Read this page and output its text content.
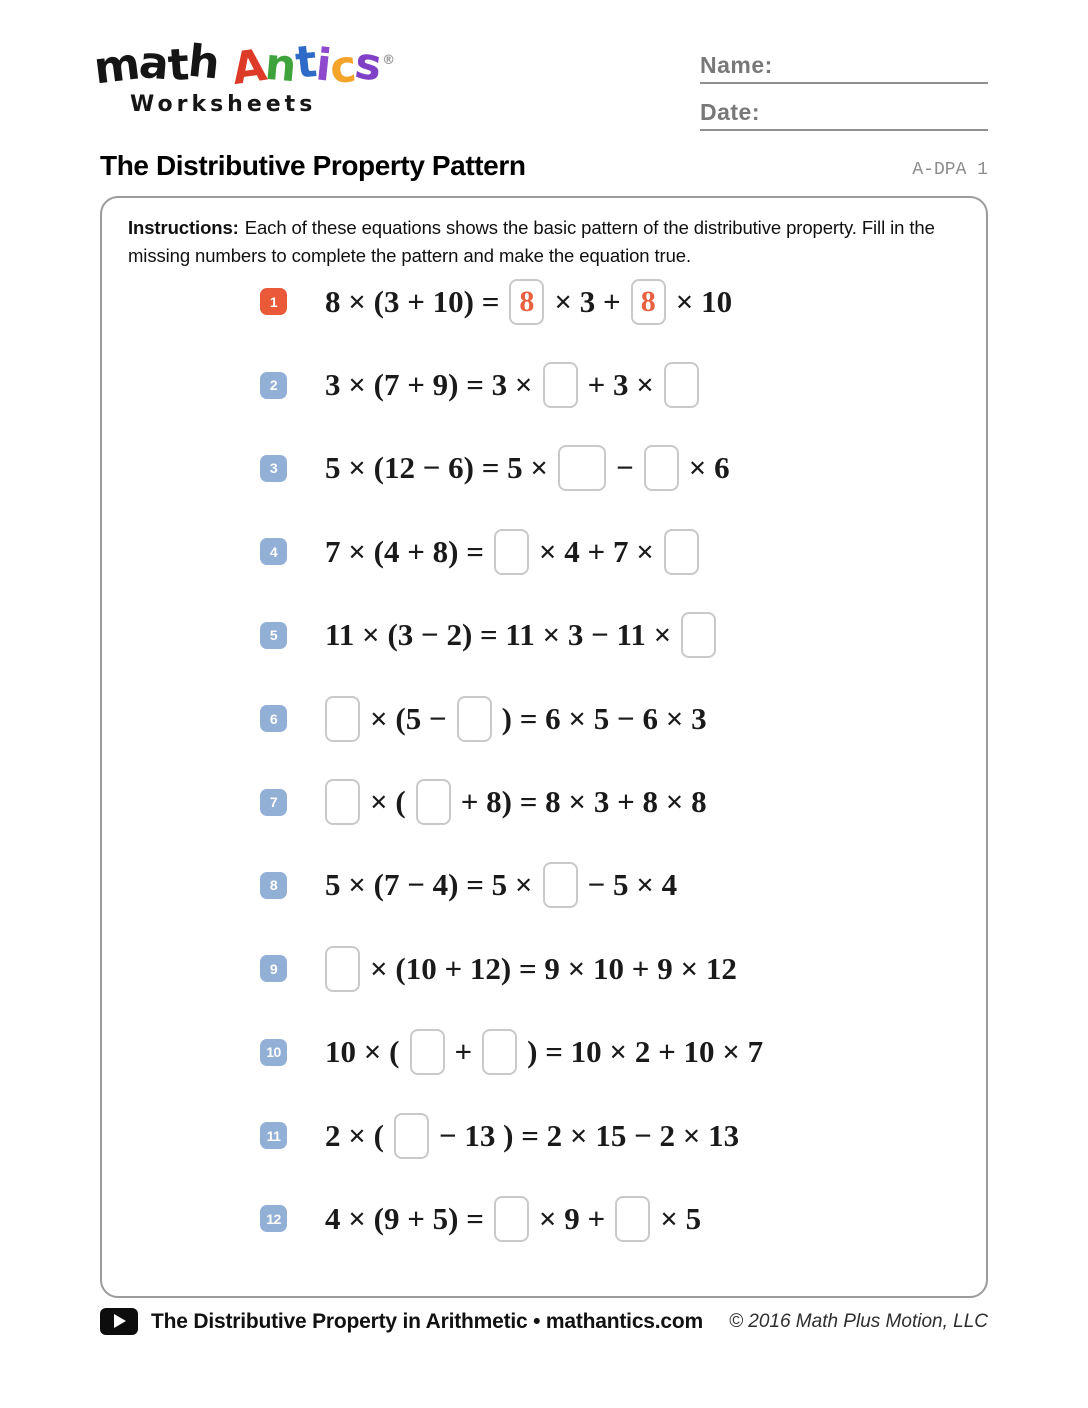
math Antics®
Worksheets
Name:
Date:
The Distributive Property Pattern	A-DPA 1

Instructions: Each of these equations shows the basic pattern of the distributive property. Fill in the missing numbers to complete the pattern and make the equation true.

1	8 × (3 + 10) = 8 × 3 + 8 × 10
2	3 × (7 + 9) = 3 × + 3 ×
3	5 × (12 − 6) = 5 × − × 6
4	7 × (4 + 8) = × 4 + 7 ×
5	11 × (3 − 2) = 11 × 3 − 11 ×
6	× (5 − ) = 6 × 5 − 6 × 3
7	× ( + 8) = 8 × 3 + 8 × 8
8	5 × (7 − 4) = 5 × − 5 × 4
9	× (10 + 12) = 9 × 10 + 9 × 12
10 10 × ( + ) = 10 × 2 + 10 × 7
11 2 × ( − 13 ) = 2 × 15 − 2 × 13
12 4 × (9 + 5) = × 9 + × 5
The Distributive Property in Arithmetic • mathantics.com © 2016 Math Plus Motion, LLC
